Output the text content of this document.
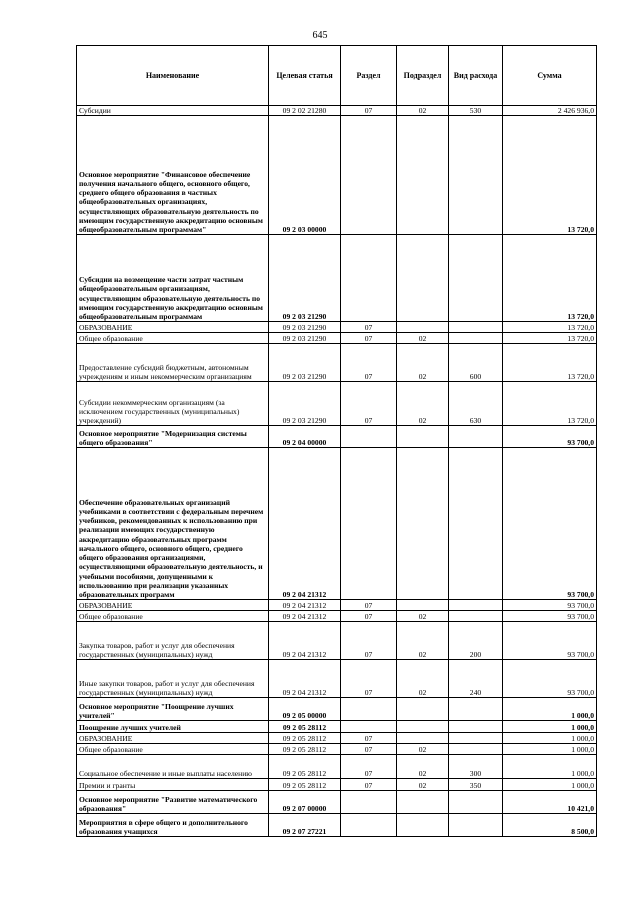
645
Наименование	Целевая статья	Раздел	Подраздел	Вид расхода	Сумма
Субсидии	09 2 02 21280	07	02	530	2 426 936,0
Основное мероприятие "Финансовое обеспечение получения начального общего, основного общего, среднего общего образования в частных общеобразовательных организациях, осуществляющих образовательную деятельность по имеющим государственную аккредитацию основным общеобразовательным программам"	09 2 03 00000				13 720,0
Субсидии на возмещение части затрат частным общеобразовательным организациям, осуществляющим образовательную деятельность по имеющим государственную аккредитацию основным общеобразовательным программам	09 2 03 21290				13 720,0
ОБРАЗОВАНИЕ	09 2 03 21290	07			13 720,0
Общее образование	09 2 03 21290	07	02		13 720,0
Предоставление субсидий бюджетным, автономным учреждениям и иным некоммерческим организациям	09 2 03 21290	07	02	600	13 720,0
Субсидии некоммерческим организациям (за исключением государственных (муниципальных) учреждений)	09 2 03 21290	07	02	630	13 720,0
Основное мероприятие "Модернизация системы общего образования"	09 2 04 00000				93 700,0
Обеспечение образовательных организаций учебниками в соответствии с федеральным перечнем учебников, рекомендованных к использованию при реализации имеющих государственную аккредитацию образовательных программ начального общего, основного общего, среднего общего образования организациями, осуществляющими образовательную деятельность, и учебными пособиями, допущенными к использованию при реализации указанных образовательных программ	09 2 04 21312				93 700,0
ОБРАЗОВАНИЕ	09 2 04 21312	07			93 700,0
Общее образование	09 2 04 21312	07	02		93 700,0
Закупка товаров, работ и услуг для обеспечения государственных (муниципальных) нужд	09 2 04 21312	07	02	200	93 700,0
Иные закупки товаров, работ и услуг для обеспечения государственных (муниципальных) нужд	09 2 04 21312	07	02	240	93 700,0
Основное мероприятие "Поощрение лучших учителей"	09 2 05 00000				1 000,0
Поощрение лучших учителей	09 2 05 28112				1 000,0
ОБРАЗОВАНИЕ	09 2 05 28112	07			1 000,0
Общее образование	09 2 05 28112	07	02		1 000,0
Социальное обеспечение и иные выплаты населению	09 2 05 28112	07	02	300	1 000,0
Премии и гранты	09 2 05 28112	07	02	350	1 000,0
Основное мероприятие "Развитие математического образования"	09 2 07 00000				10 421,0
Мероприятия в сфере общего и дополнительного образования учащихся	09 2 07 27221				8 500,0
